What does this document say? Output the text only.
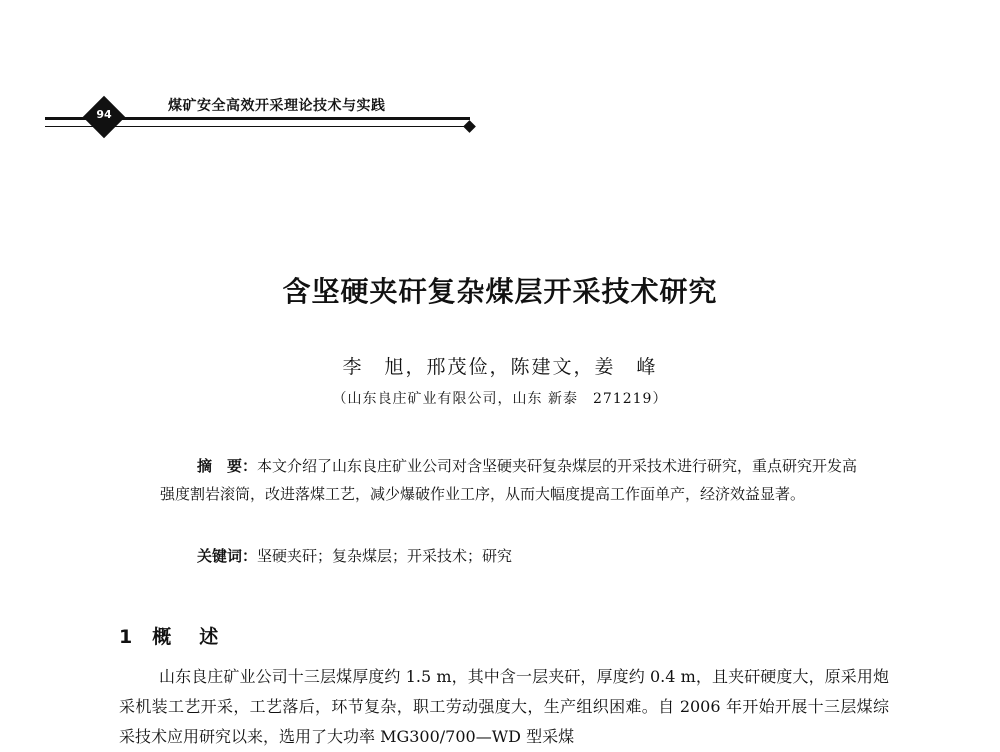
94
煤矿安全高效开采理论技术与实践
含坚硬夹矸复杂煤层开采技术研究
李　旭，邢茂俭，陈建文，姜　峰
（山东良庄矿业有限公司，山东 新泰　271219）

摘　要：本文介绍了山东良庄矿业公司对含坚硬夹矸复杂煤层的开采技术进行研究，重点研究开发高强度割岩滚筒，改进落煤工艺，减少爆破作业工序，从而大幅度提高工作面单产，经济效益显著。

关键词：坚硬夹矸；复杂煤层；开采技术；研究
1 概述

山东良庄矿业公司十三层煤厚度约 1.5 m，其中含一层夹矸，厚度约 0.4 m，且夹矸硬度大，原采用炮采机装工艺开采，工艺落后，环节复杂，职工劳动强度大，生产组织困难。自 2006 年开始开展十三层煤综采技术应用研究以来，选用了大功率 MG300/700—WD 型采煤
